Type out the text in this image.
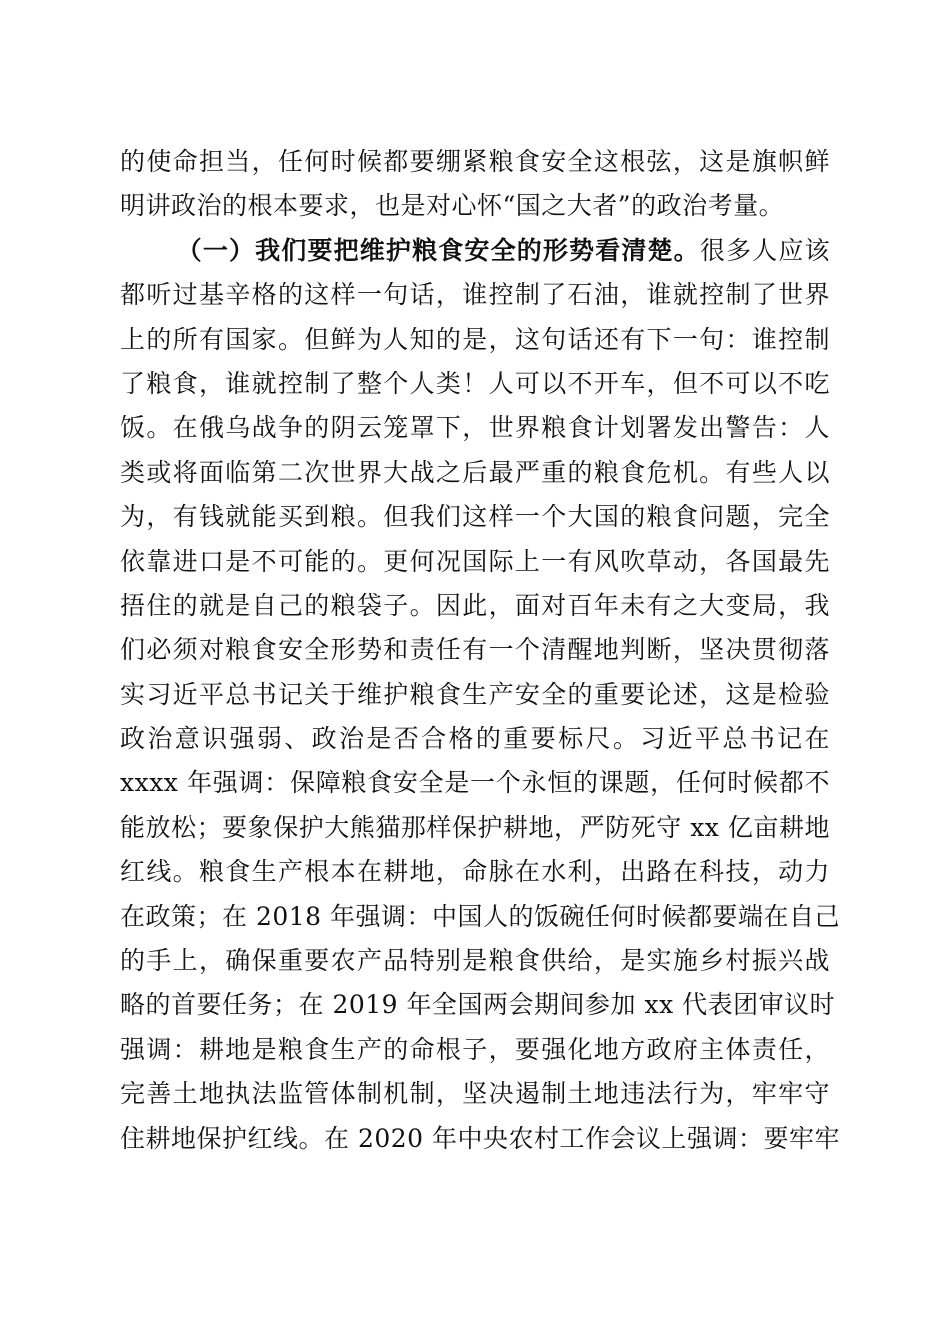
的使命担当，任何时候都要绷紧粮食安全这根弦，这是旗帜鲜
明讲政治的根本要求，也是对心怀“国之大者”的政治考量。
（一）我们要把维护粮食安全的形势看清楚。很多人应该
都听过基辛格的这样一句话，谁控制了石油，谁就控制了世界
上的所有国家。但鲜为人知的是，这句话还有下一句：谁控制
了粮食，谁就控制了整个人类！人可以不开车，但不可以不吃
饭。在俄乌战争的阴云笼罩下，世界粮食计划署发出警告：人
类或将面临第二次世界大战之后最严重的粮食危机。有些人以
为，有钱就能买到粮。但我们这样一个大国的粮食问题，完全
依靠进口是不可能的。更何况国际上一有风吹草动，各国最先
捂住的就是自己的粮袋子。因此，面对百年未有之大变局，我
们必须对粮食安全形势和责任有一个清醒地判断，坚决贯彻落
实习近平总书记关于维护粮食生产安全的重要论述，这是检验
政治意识强弱、政治是否合格的重要标尺。习近平总书记在
xxxx 年强调：保障粮食安全是一个永恒的课题，任何时候都不
能放松；要象保护大熊猫那样保护耕地，严防死守 xx 亿亩耕地
红线。粮食生产根本在耕地，命脉在水利，出路在科技，动力
在政策；在 2018 年强调：中国人的饭碗任何时候都要端在自己
的手上，确保重要农产品特别是粮食供给，是实施乡村振兴战
略的首要任务；在 2019 年全国两会期间参加 xx 代表团审议时
强调：耕地是粮食生产的命根子，要强化地方政府主体责任，
完善土地执法监管体制机制，坚决遏制土地违法行为，牢牢守
住耕地保护红线。在 2020 年中央农村工作会议上强调：要牢牢
